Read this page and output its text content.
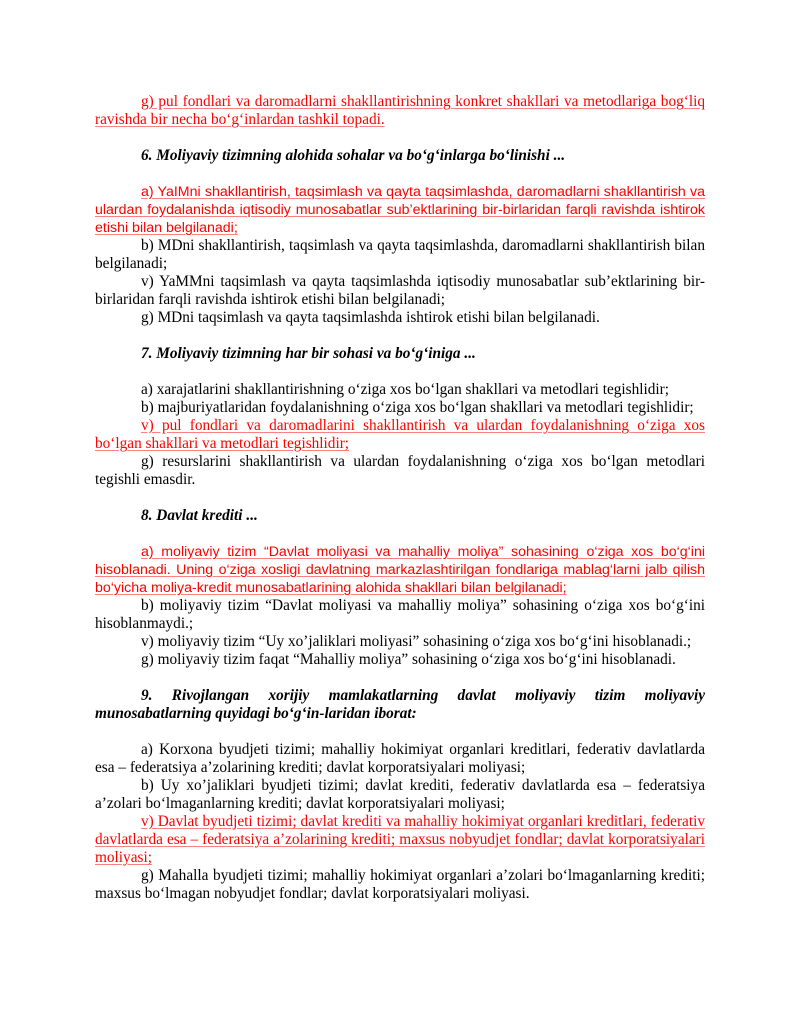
g) pul fondlari va daromadlarni shakllantirishning konkret shakllari va metodlariga bog‘liq ravishda bir necha bo‘g‘inlardan tashkil topadi.

6. Moliyaviy tizimning alohida sohalar va bo‘g‘inlarga bo‘linishi ...

a) YaIMni shakllantirish, taqsimlash va qayta taqsimlashda, daromadlarni shakllantirish va ulardan foydalanishda iqtisodiy munosabatlar sub’ektlarining bir-birlaridan farqli ravishda ishtirok etishi bilan belgilanadi;

b) MDni shakllantirish, taqsimlash va qayta taqsimlashda, daromadlarni shakllantirish bilan belgilanadi;

v) YaMMni taqsimlash va qayta taqsimlashda iqtisodiy munosabatlar sub’ektlarining bir-birlaridan farqli ravishda ishtirok etishi bilan belgilanadi;

g) MDni taqsimlash va qayta taqsimlashda ishtirok etishi bilan belgilanadi.

7. Moliyaviy tizimning har bir sohasi va bo‘g‘iniga ...

a) xarajatlarini shakllantirishning o‘ziga xos bo‘lgan shakllari va metodlari tegishlidir;

b) majburiyatlaridan foydalanishning o‘ziga xos bo‘lgan shakllari va metodlari tegishlidir;

v) pul fondlari va daromadlarini shakllantirish va ulardan foydalanishning o‘ziga xos bo‘lgan shakllari va metodlari tegishlidir;

g) resurslarini shakllantirish va ulardan foydalanishning o‘ziga xos bo‘lgan metodlari tegishli emasdir.

8. Davlat krediti ...

a) moliyaviy tizim “Davlat moliyasi va mahalliy moliya” sohasining o‘ziga xos bo‘g‘ini hisoblanadi. Uning o‘ziga xosligi davlatning markazlashtirilgan fondlariga mablag‘larni jalb qilish bo‘yicha moliya-kredit munosabatlarining alohida shakllari bilan belgilanadi;

b) moliyaviy tizim “Davlat moliyasi va mahalliy moliya” sohasining o‘ziga xos bo‘g‘ini hisoblanmaydi.;

v) moliyaviy tizim “Uy xo’jaliklari moliyasi” sohasining o‘ziga xos bo‘g‘ini hisoblanadi.;

g) moliyaviy tizim faqat “Mahalliy moliya” sohasining o‘ziga xos bo‘g‘ini hisoblanadi.

9. Rivojlangan xorijiy mamlakatlarning davlat moliyaviy tizim moliyaviy munosabatlarning quyidagi bo‘g‘in-laridan iborat:

a) Korxona byudjeti tizimi; mahalliy hokimiyat organlari kreditlari, federativ davlatlarda esa – federatsiya a’zolarining krediti; davlat korporatsiyalari moliyasi;

b) Uy xo’jaliklari byudjeti tizimi; davlat krediti, federativ davlatlarda esa – federatsiya a’zolari bo‘lmaganlarning krediti; davlat korporatsiyalari moliyasi;

v) Davlat byudjeti tizimi; davlat krediti va mahalliy hokimiyat organlari kreditlari, federativ davlatlarda esa – federatsiya a’zolarining krediti; maxsus nobyudjet fondlar; davlat korporatsiyalari moliyasi;

g) Mahalla byudjeti tizimi; mahalliy hokimiyat organlari a’zolari bo‘lmaganlarning krediti; maxsus bo‘lmagan nobyudjet fondlar; davlat korporatsiyalari moliyasi.
